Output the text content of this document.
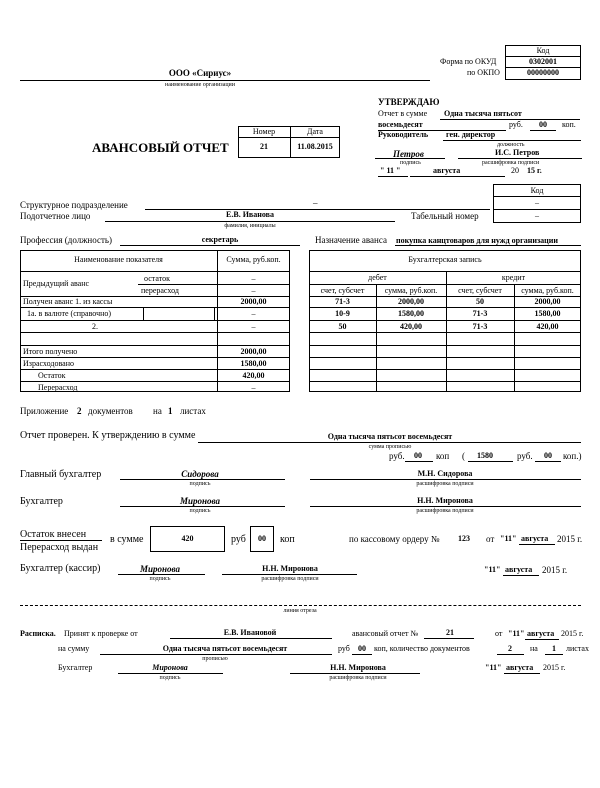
Код
Форма по ОКУД	0302001
по ОКПО	00000000
ООО «Сириус»
наименование организации
УТВЕРЖДАЮ
Отчет в сумме Одна тысяча пятьсот
восемьдесят	руб.	00	коп.
Руководитель ген. директор
должность
Петров
подпись
И.С. Петров
расшифровка подписи
" 11 "	августа	20 15 г.
АВАНСОВЫЙ ОТЧЕТ
Номер	Дата
21	11.08.2015
Код
–
–
Структурное подразделение	–
Подотчетное лицо	Е.В. Иванова
фамилия, инициалы
Табельный номер
Профессия (должность)	секретарь	Назначение аванса покупка канцтоваров для нужд организации
Наименование показателя	Сумма, руб.коп.
Предыдущий аванс
остаток	–
перерасход	–
Получен аванс 1. из кассы	2000,00
1а. в валюте (справочно)	–
2.	–
Итого получено	2000,00
Израсходовано	1580,00
Остаток	420,00
Перерасход	–
Бухгалтерская запись
дебет	кредит
счет, субсчет	сумма, руб.коп.	счет, субсчет	сумма, руб.коп.
71-3	2000,00	50	2000,00
10-9	1580,00	71-3	1580,00
50	420,00	71-3	420,00
Приложение 2 документов на 1 листах
Отчет проверен. К утверждению в сумме	Одна тысяча пятьсот восемьдесят
сумма прописью
руб.	00	коп (	1580	руб.	00	коп.)
Главный бухгалтер	Сидорова
подпись
М.Н. Сидорова
расшифровка подписи
Бухгалтер	Миронова
подпись
Н.Н. Миронова
расшифровка подписи
Остаток внесен
Перерасход выдан
в сумме	420	руб	00	коп	по кассовому ордеру № 123 от "11" августа 2015 г.
Бухгалтер (кассир)	Миронова
подпись
Н.Н. Миронова
расшифровка подписи
"11" августа 2015 г.
линия отреза
Расписка. Принят к проверке от	Е.В. Ивановой	авансовый отчет №	21	от "11" августа 2015 г.
на сумму	Одна тысяча пятьсот восемьдесят
прописью
руб	00	коп, количество документов	2	на	1	листах
Бухгалтер	Миронова
подпись
Н.Н. Миронова
расшифровка подписи
"11" августа 2015 г.
